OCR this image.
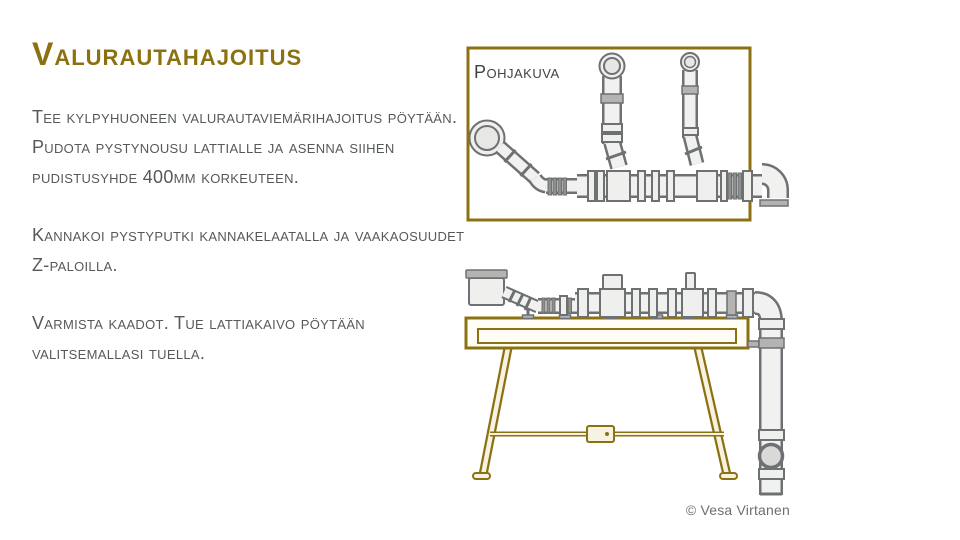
Valurautahajoitus

Tee kylpyhuoneen valurautaviemärihajoitus pöytään. Pudota pystynousu lattialle ja asenna siihen pudistusyhde 400mm korkeuteen.

Kannakoi pystyputki kannakelaatalla ja vaakaosuudet Z-paloilla.

Varmista kaadot. Tue lattiakaivo pöytään valitsemallasi tuella.

Pohjakuva
© Vesa Virtanen
